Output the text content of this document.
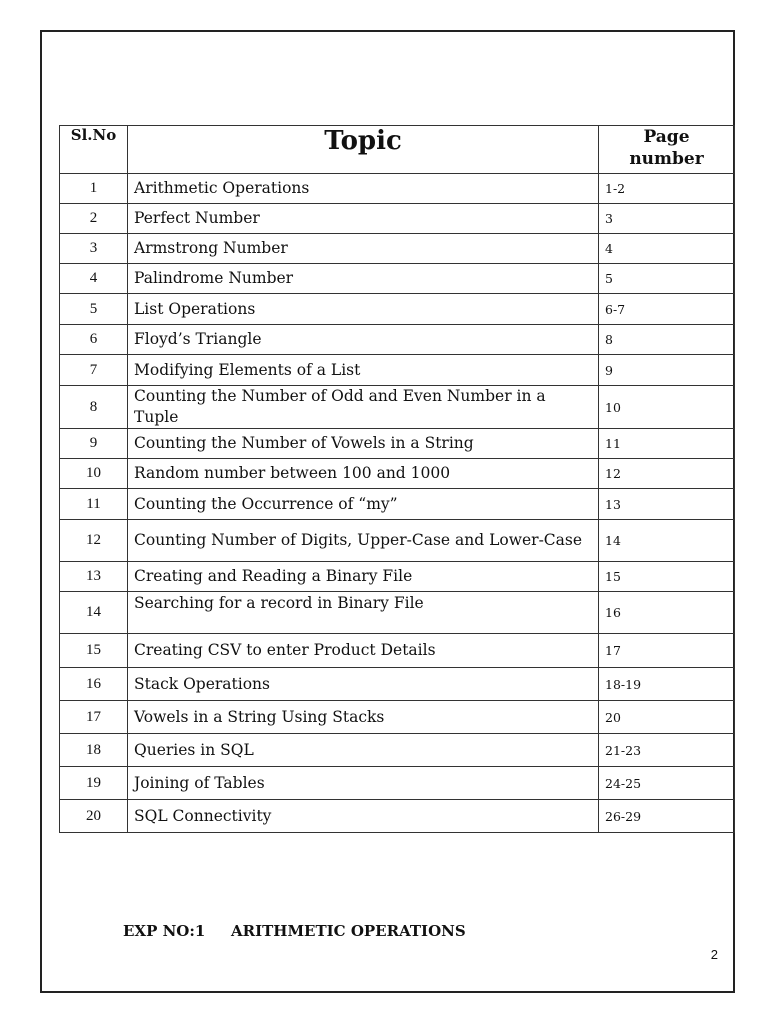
Sl.No	Topic	Page number
1	Arithmetic Operations	1-2
2	Perfect Number	3
3	Armstrong Number	4
4	Palindrome Number	5
5	List Operations	6-7
6	Floyd’s Triangle	8
7	Modifying Elements of a List	9
8	Counting the Number of Odd and Even Number in a Tuple	10
9	Counting the Number of Vowels in a String	11
10	Random number between 100 and 1000	12
11	Counting the Occurrence of “my”	13
12	Counting Number of Digits, Upper-Case and Lower-Case	14
13	Creating and Reading a Binary File	15
14	Searching for a record in Binary File	16
15	Creating CSV to enter Product Details	17
16	Stack Operations	18-19
17	Vowels in a String Using Stacks	20
18	Queries in SQL	21-23
19	Joining of Tables	24-25
20	SQL Connectivity	26-29
EXP NO:1 ARITHMETIC OPERATIONS
2
